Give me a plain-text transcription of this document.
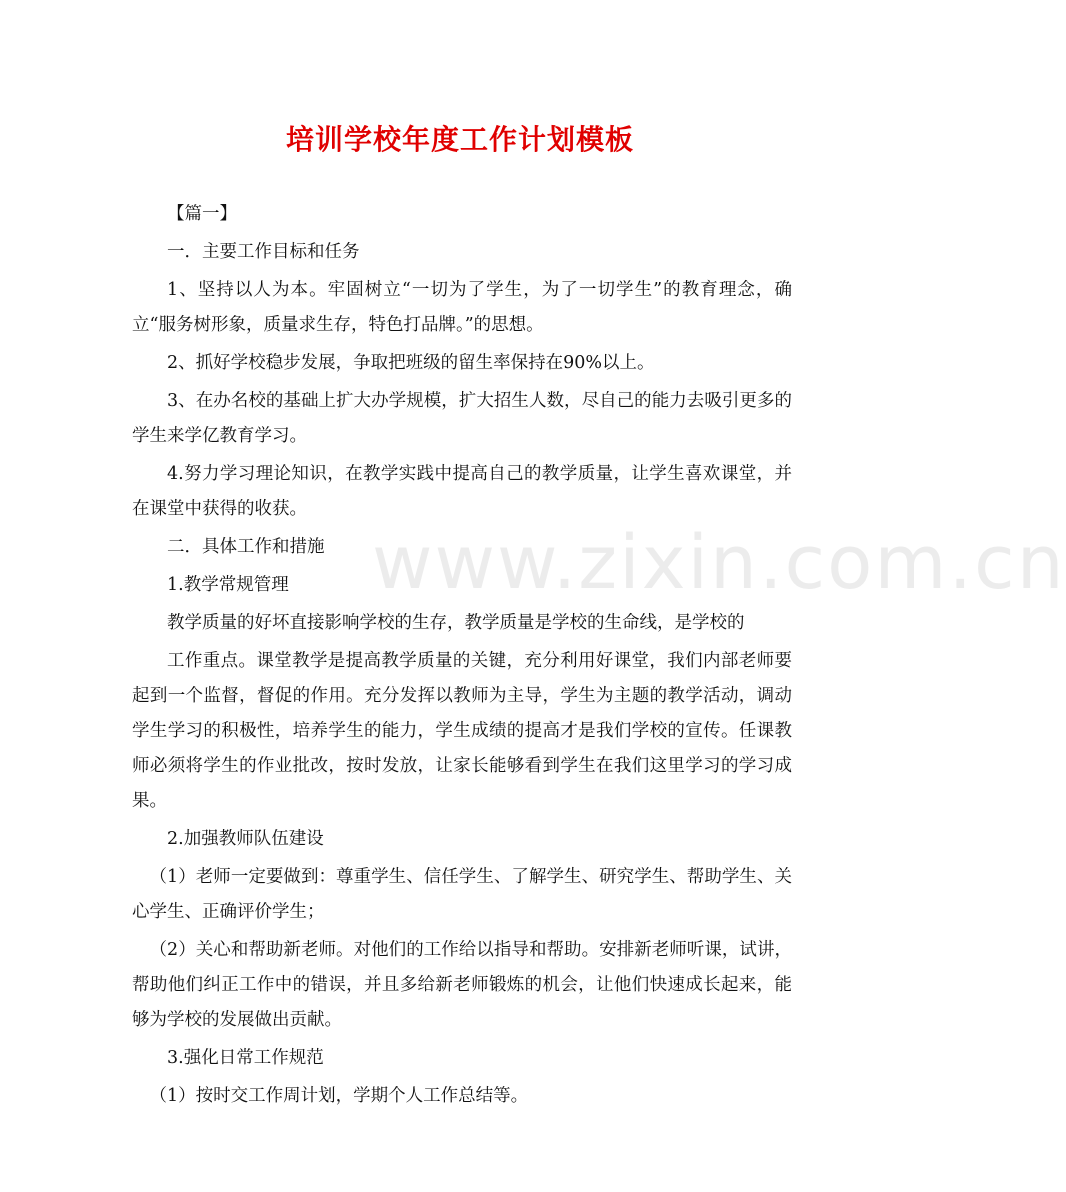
www.zixin.com.cn
培训学校年度工作计划模板

【篇一】

一．主要工作目标和任务

1、坚持以人为本。牢固树立“一切为了学生，为了一切学生”的教育理念，确立“服务树形象，质量求生存，特色打品牌。”的思想。

2、抓好学校稳步发展，争取把班级的留生率保持在90%以上。

3、在办名校的基础上扩大办学规模，扩大招生人数，尽自己的能力去吸引更多的学生来学亿教育学习。

4.努力学习理论知识，在教学实践中提高自己的教学质量，让学生喜欢课堂，并在课堂中获得的收获。

二．具体工作和措施

1.教学常规管理

教学质量的好坏直接影响学校的生存，教学质量是学校的生命线，是学校的

工作重点。课堂教学是提高教学质量的关键，充分利用好课堂，我们内部老师要起到一个监督，督促的作用。充分发挥以教师为主导，学生为主题的教学活动，调动学生学习的积极性，培养学生的能力，学生成绩的提高才是我们学校的宣传。任课教师必须将学生的作业批改，按时发放，让家长能够看到学生在我们这里学习的学习成果。

2.加强教师队伍建设

（1）老师一定要做到：尊重学生、信任学生、了解学生、研究学生、帮助学生、关心学生、正确评价学生；

（2）关心和帮助新老师。对他们的工作给以指导和帮助。安排新老师听课，试讲，帮助他们纠正工作中的错误，并且多给新老师锻炼的机会，让他们快速成长起来，能够为学校的发展做出贡献。

3.强化日常工作规范

（1）按时交工作周计划，学期个人工作总结等。
